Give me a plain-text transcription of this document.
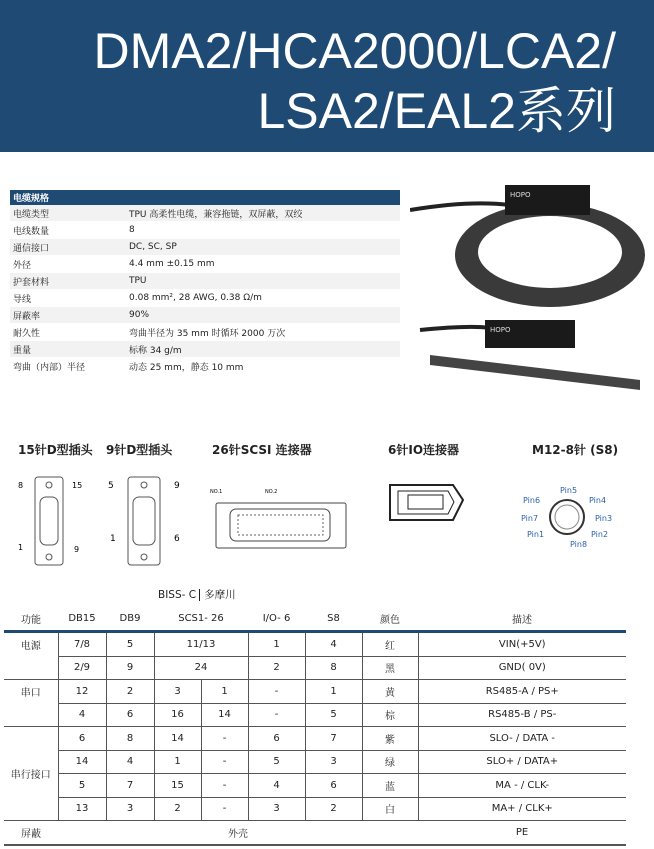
DMA2/HCA2000/LCA2/
LSA2/EAL2系列
电缆规格	
电缆类型	TPU 高柔性电缆，兼容拖链，双屏蔽，双绞
电线数量	8
通信接口	DC, SC, SP
外径	4.4 mm ±0.15 mm
护套材料	TPU
导线	0.08 mm², 28 AWG, 0.38 Ω/m
屏蔽率	90%
耐久性	弯曲半径为 35 mm 时循环 2000 万次
重量	标称 34 g/m
弯曲（内部）半径	动态 25 mm，静态 10 mm
HOPO
HOPO
15针D型插头 9针D型插头	26针SCSI 连接器	6针IO连接器	M12-8针 (S8)
8	15
1	9
5	9
1	6
NO.1	NO.2	Pin5
Pin6	Pin4
Pin7	Pin3
Pin1	Pin2
Pin8
BISS- C 多摩川
功能	DB15	DB9	SCS1- 26		I/O- 6	S8	颜色	描述
电源	7/8	5	11/13		1	4	红	VIN(+5V)
	2/9	9	24		2	8	黑	GND( 0V)
串口	12	2	3	1	-	1	黄	RS485-A / PS+
	4	6	16	14	-	5	棕	RS485-B / PS-
串行接口	6	8	14	-	6	7	紫	SLO- / DATA -
	14	4	1	-	5	3	绿	SLO+ / DATA+
	5	7	15	-	4	6	蓝	MA - / CLK-
	13	3	2	-	3	2	白	MA+ / CLK+
屏蔽	外壳							PE
